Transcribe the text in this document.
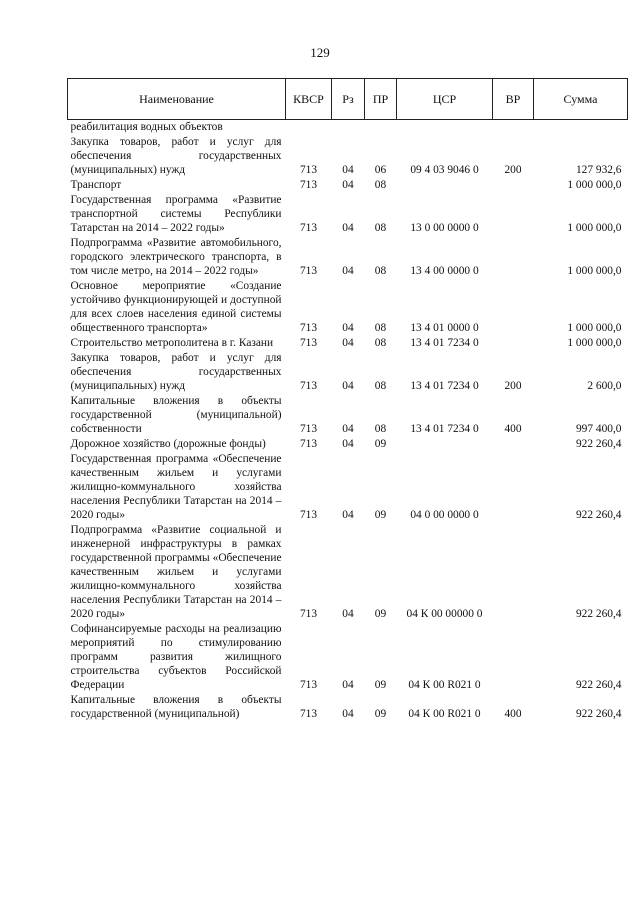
129
Наименование	КВСР	Рз	ПР	ЦСР	ВР	Сумма
реабилитация водных объектов						
Закупка товаров, работ и услуг для обеспечения государственных (муниципальных) нужд	713	04	06	09 4 03 9046 0	200	127 932,6
Транспорт	713	04	08			1 000 000,0
Государственная программа «Развитие транспортной системы Республики Татарстан на 2014 – 2022 годы»	713	04	08	13 0 00 0000 0		1 000 000,0
Подпрограмма «Развитие автомобильного, городского электрического транспорта, в том числе метро, на 2014 – 2022 годы»	713	04	08	13 4 00 0000 0		1 000 000,0
Основное мероприятие «Создание устойчиво функционирующей и доступной для всех слоев населения единой системы общественного транспорта»	713	04	08	13 4 01 0000 0		1 000 000,0
Строительство метрополитена в г. Казани	713	04	08	13 4 01 7234 0		1 000 000,0
Закупка товаров, работ и услуг для обеспечения государственных (муниципальных) нужд	713	04	08	13 4 01 7234 0	200	2 600,0
Капитальные вложения в объекты государственной (муниципальной) собственности	713	04	08	13 4 01 7234 0	400	997 400,0
Дорожное хозяйство (дорожные фонды)	713	04	09			922 260,4
Государственная программа «Обеспечение качественным жильем и услугами жилищно-коммунального хозяйства населения Республики Татарстан на 2014 – 2020 годы»	713	04	09	04 0 00 0000 0		922 260,4
Подпрограмма «Развитие социальной и инженерной инфраструктуры в рамках государственной программы «Обеспечение качественным жильем и услугами жилищно-коммунального хозяйства населения Республики Татарстан на 2014 – 2020 годы»	713	04	09	04 К 00 00000 0		922 260,4
Софинансируемые расходы на реализацию мероприятий по стимулированию программ развития жилищного строительства субъектов Российской Федерации	713	04	09	04 К 00 R021 0		922 260,4
Капитальные вложения в объекты государственной (муниципальной)	713	04	09	04 К 00 R021 0	400	922 260,4
